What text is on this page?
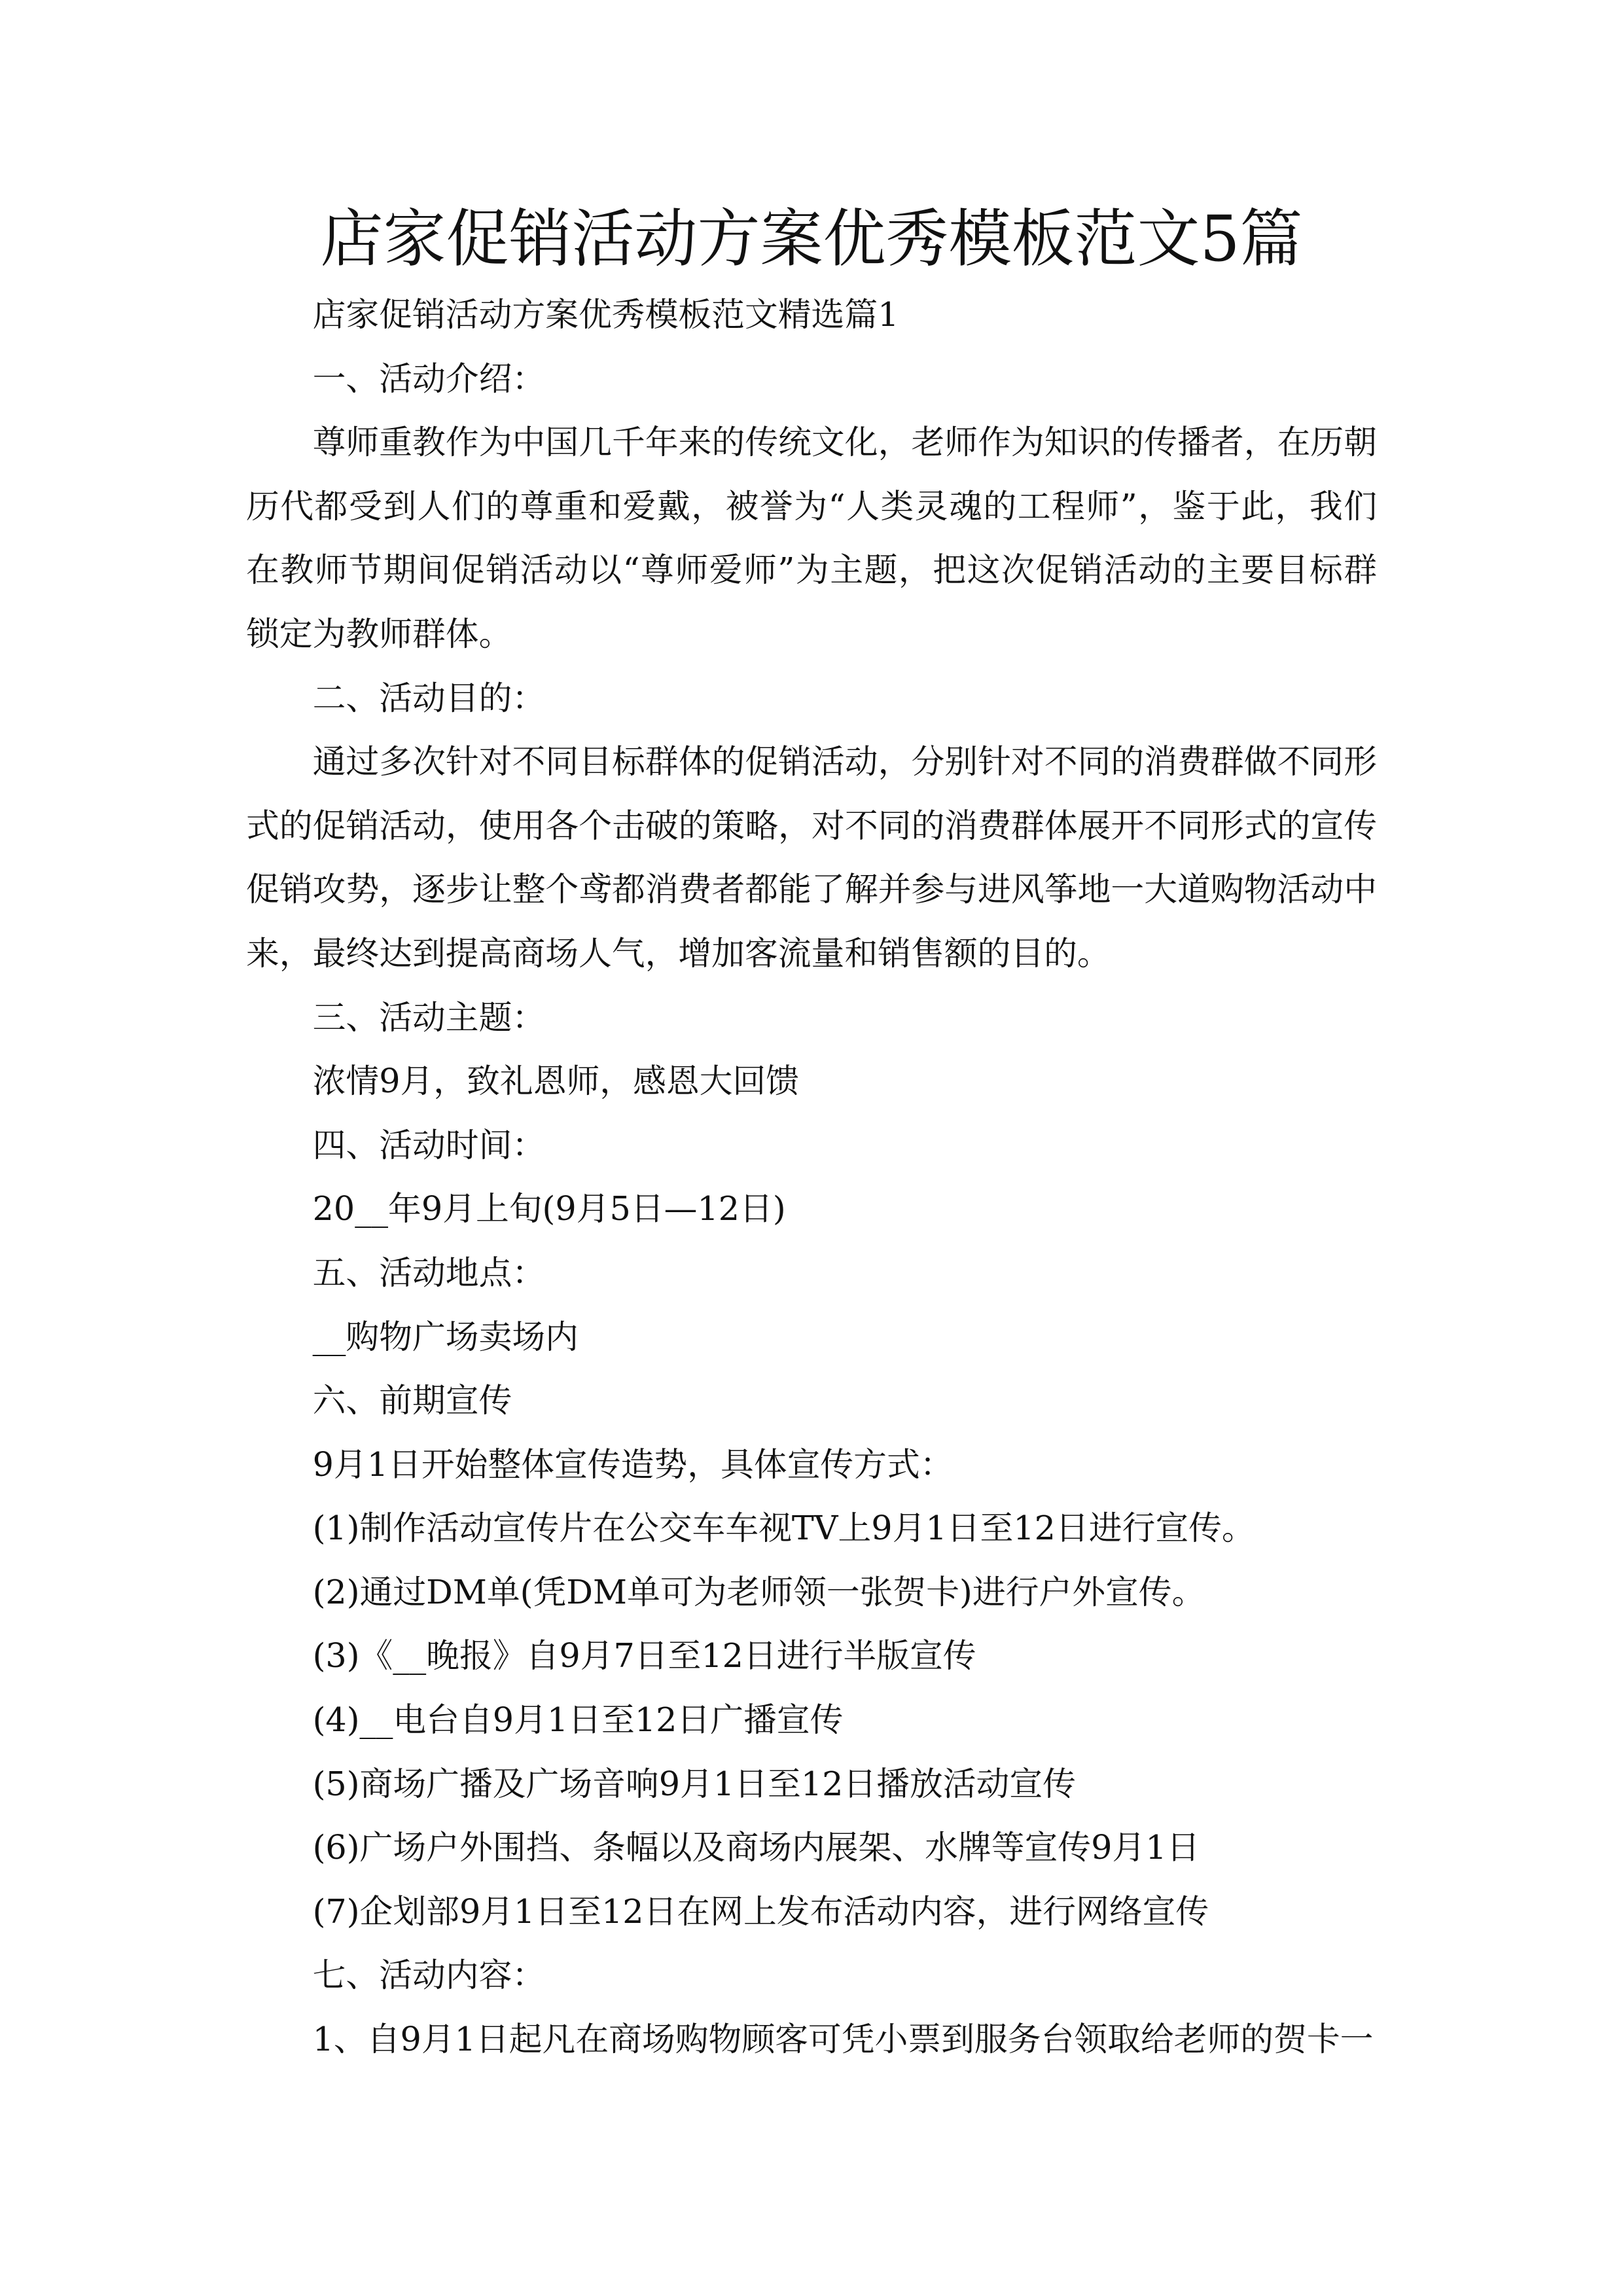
店家促销活动方案优秀模板范文5篇

店家促销活动方案优秀模板范文精选篇1

一、活动介绍：

尊师重教作为中国几千年来的传统文化，老师作为知识的传播者，在历朝历代都受到人们的尊重和爱戴，被誉为“人类灵魂的工程师”，鉴于此，我们在教师节期间促销活动以“尊师爱师”为主题，把这次促销活动的主要目标群锁定为教师群体。

二、活动目的：

通过多次针对不同目标群体的促销活动，分别针对不同的消费群做不同形式的促销活动，使用各个击破的策略，对不同的消费群体展开不同形式的宣传促销攻势，逐步让整个鸢都消费者都能了解并参与进风筝地一大道购物活动中来，最终达到提高商场人气，增加客流量和销售额的目的。

三、活动主题：

浓情9月，致礼恩师，感恩大回馈

四、活动时间：

20__年9月上旬(9月5日—12日)

五、活动地点：

__购物广场卖场内

六、前期宣传

9月1日开始整体宣传造势，具体宣传方式：

(1)制作活动宣传片在公交车车视TV上9月1日至12日进行宣传。

(2)通过DM单(凭DM单可为老师领一张贺卡)进行户外宣传。

(3)《__晚报》自9月7日至12日进行半版宣传

(4)__电台自9月1日至12日广播宣传

(5)商场广播及广场音响9月1日至12日播放活动宣传

(6)广场户外围挡、条幅以及商场内展架、水牌等宣传9月1日

(7)企划部9月1日至12日在网上发布活动内容，进行网络宣传

七、活动内容：

1、自9月1日起凡在商场购物顾客可凭小票到服务台领取给老师的贺卡一
